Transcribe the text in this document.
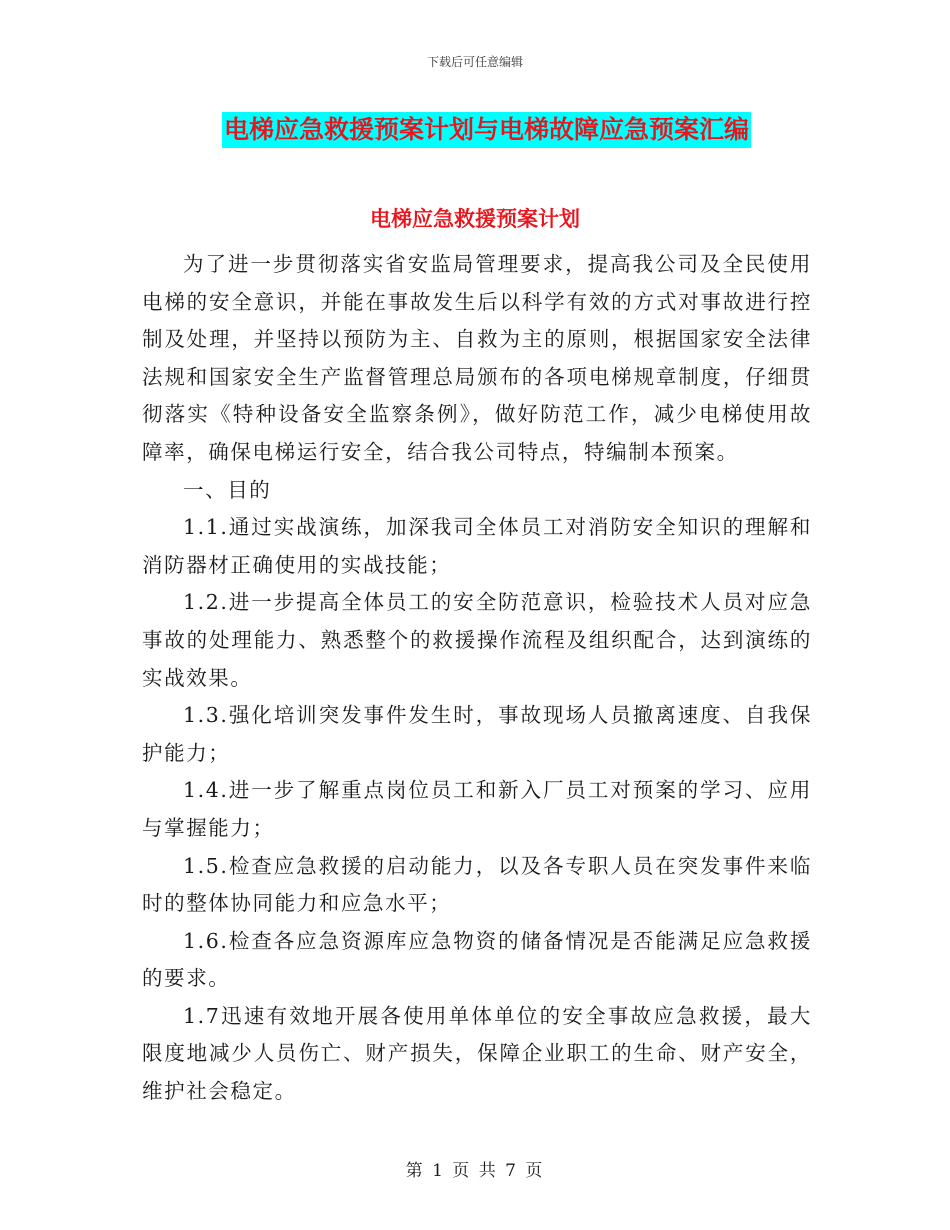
下载后可任意编辑
电梯应急救援预案计划与电梯故障应急预案汇编
电梯应急救援预案计划

为了进一步贯彻落实省安监局管理要求，提高我公司及全民使用电梯的安全意识，并能在事故发生后以科学有效的方式对事故进行控制及处理，并坚持以预防为主、自救为主的原则，根据国家安全法律法规和国家安全生产监督管理总局颁布的各项电梯规章制度，仔细贯彻落实《特种设备安全监察条例》，做好防范工作，减少电梯使用故障率，确保电梯运行安全，结合我公司特点，特编制本预案。

一、目的

1.1.通过实战演练，加深我司全体员工对消防安全知识的理解和消防器材正确使用的实战技能；

1.2.进一步提高全体员工的安全防范意识，检验技术人员对应急事故的处理能力、熟悉整个的救援操作流程及组织配合，达到演练的实战效果。

1.3.强化培训突发事件发生时，事故现场人员撤离速度、自我保护能力；

1.4.进一步了解重点岗位员工和新入厂员工对预案的学习、应用与掌握能力；

1.5.检查应急救援的启动能力，以及各专职人员在突发事件来临时的整体协同能力和应急水平；

1.6.检查各应急资源库应急物资的储备情况是否能满足应急救援的要求。

1.7迅速有效地开展各使用单体单位的安全事故应急救援，最大限度地减少人员伤亡、财产损失，保障企业职工的生命、财产安全，维护社会稳定。

第 1 页 共 7 页
